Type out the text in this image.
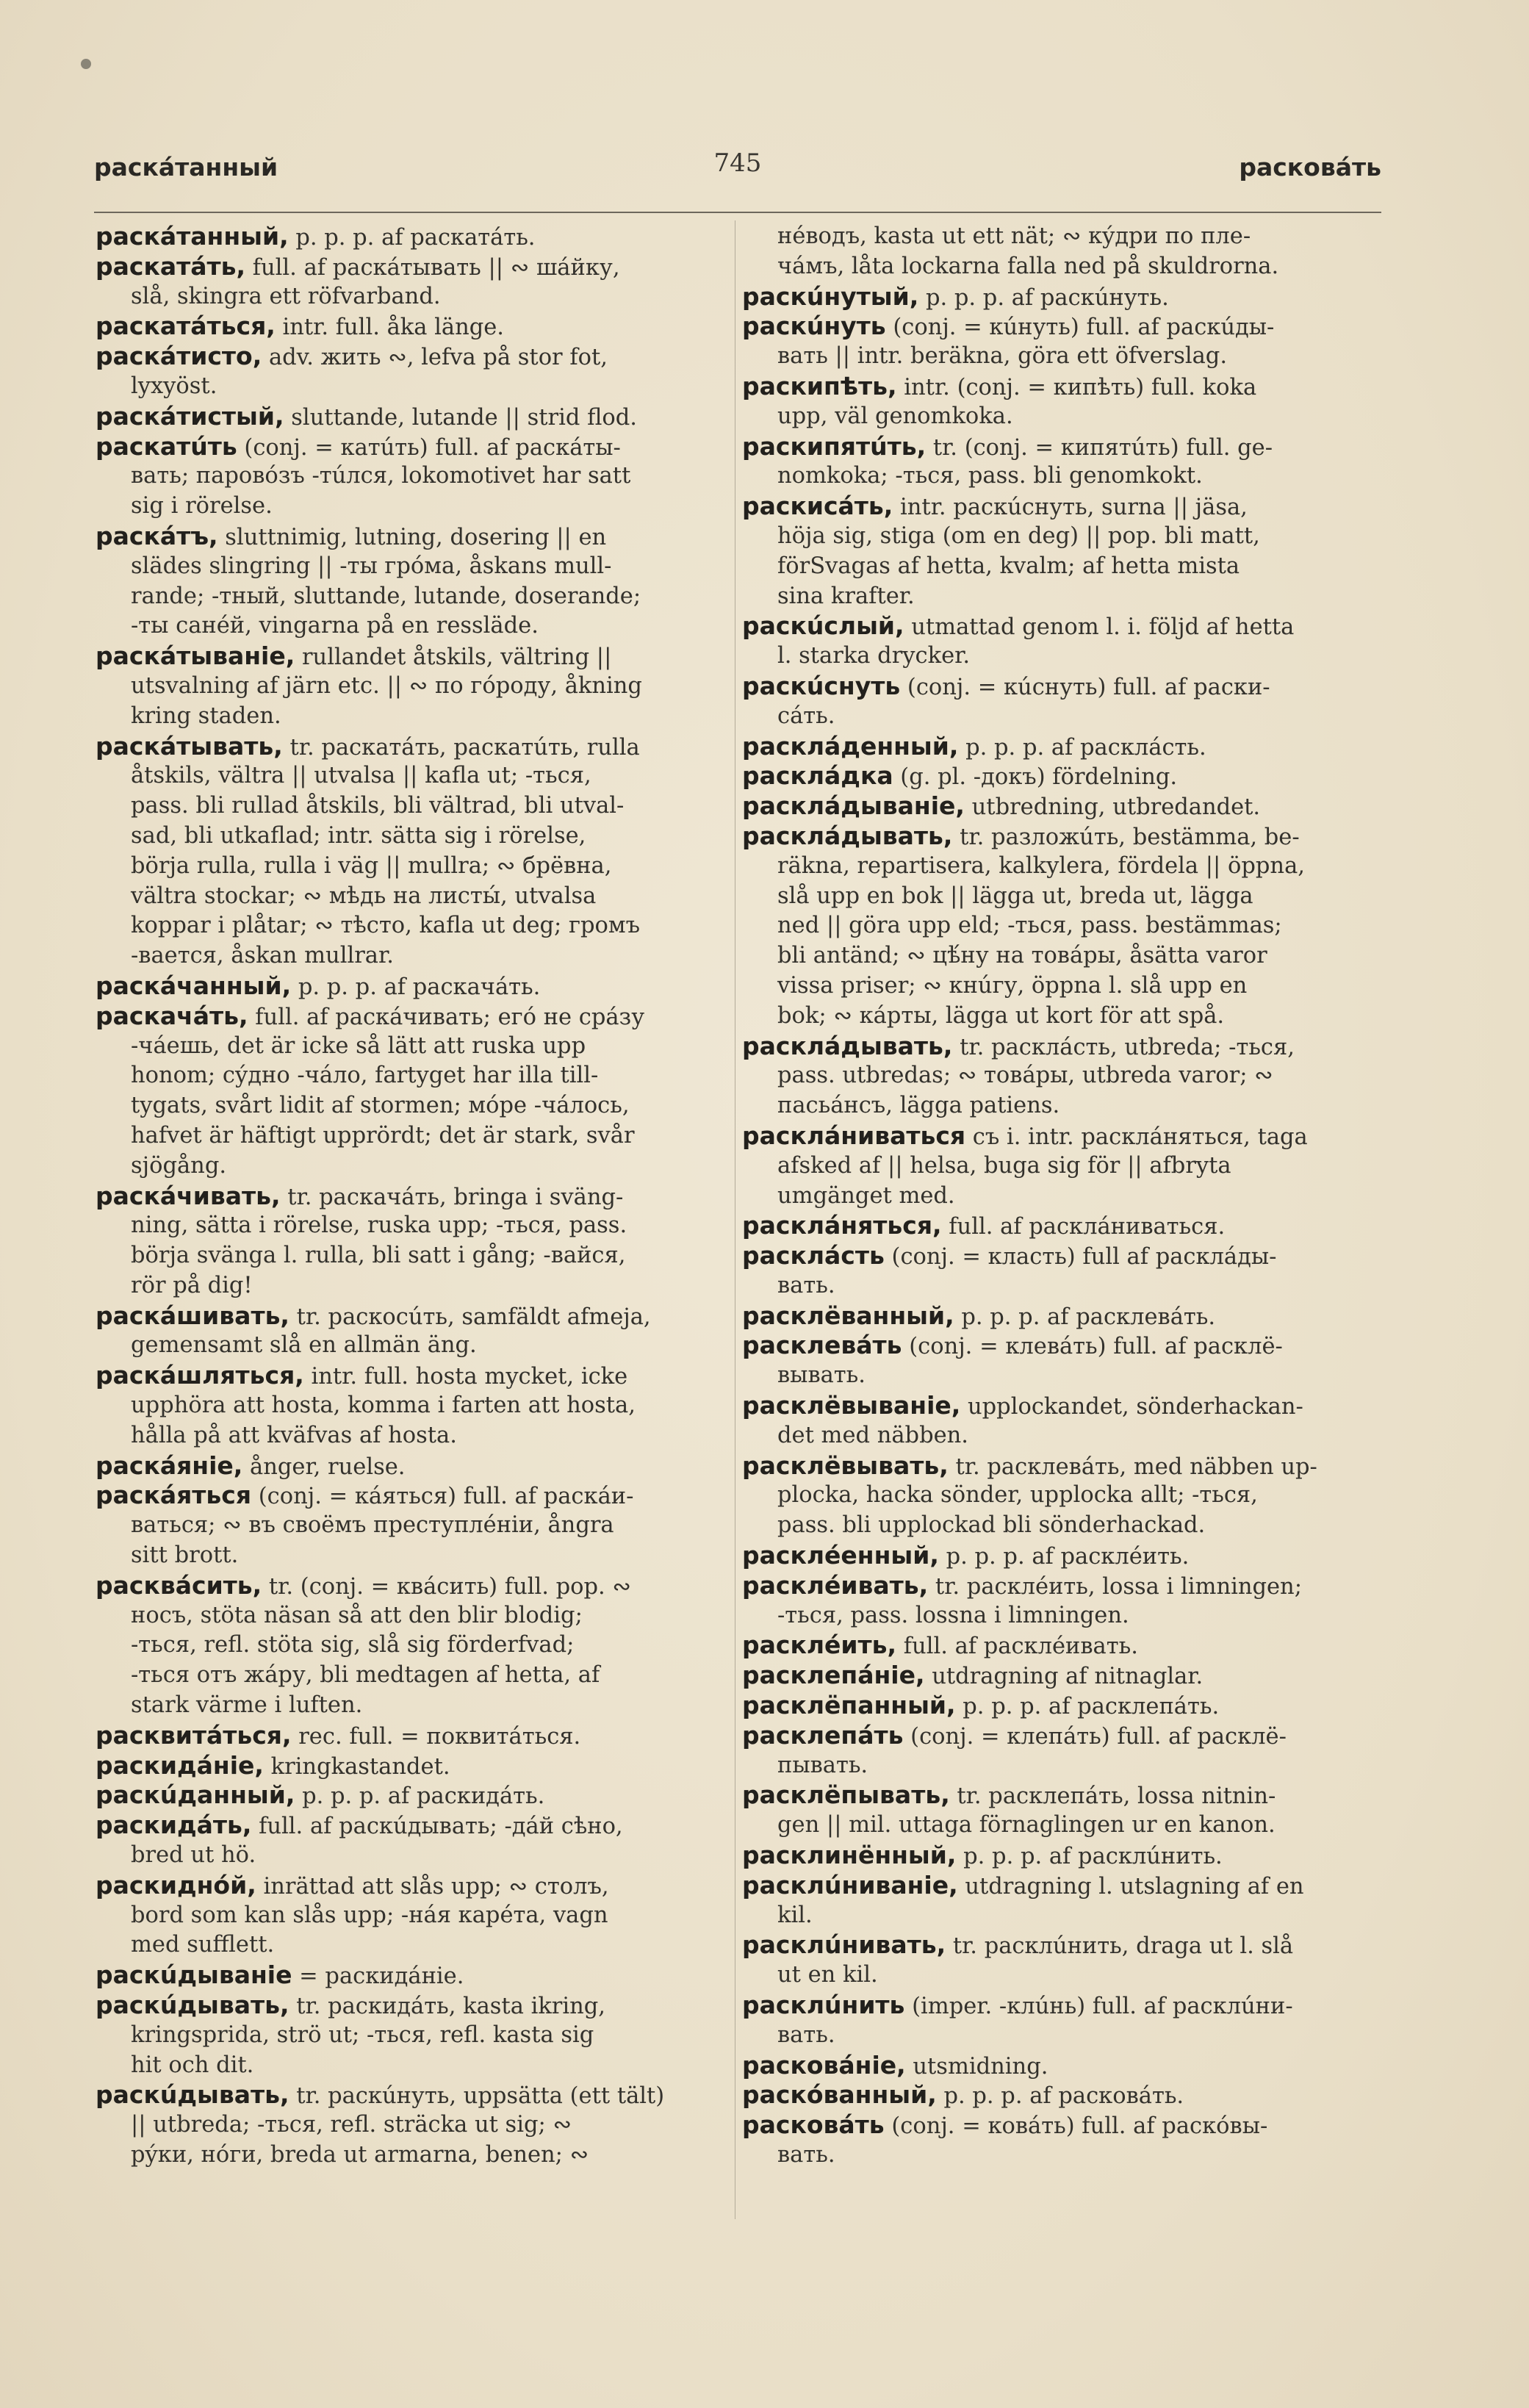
раскáтанный	745	расковáть
раскáтанный, p. p. p. af раскатáть.
раскатáть, full. af раскáтывать || ∾ шáйку,
slå, skingra ett röfvarband.
раскатáться, intr. full. åka länge.
раскáтисто, adv. жить ∾, lefva på stor fot,
lyxyöst.
раскáтистый, sluttande, lutande || strid flod.
раскатúть (conj. = катúть) full. af раскáты-
вать; паровóзъ -тúлся, lokomotivet har satt
sig i rörelse.
раскáтъ, sluttnimig, lutning, dosering || en
slädes slingring || -ты грóма, åskans mull-
rande; -тный, sluttande, lutande, doserande;
-ты санéй, vingarna på en ressläde.
раскáтыванiе, rullandet åtskils, vältring ||
utsvalning af järn etc. || ∾ по гóроду, åkning
kring staden.
раскáтывать, tr. раскатáть, раскатúть, rulla
åtskils, vältra || utvalsa || kafla ut; -ться,
pass. bli rullad åtskils, bli vältrad, bli utval-
sad, bli utkaflad; intr. sätta sig i rörelse,
börja rulla, rulla i väg || mullra; ∾ брёвна,
vältra stockar; ∾ мѣдь на листы́, utvalsa
koppar i plåtar; ∾ тѣсто, kafla ut deg; громъ
-вается, åskan mullrar.
раскáчанный, p. p. p. af раскачáть.
раскачáть, full. af раскáчивать; егó не срáзу
-чáешь, det är icke så lätt att ruska upp
honom; сýдно -чáло, fartyget har illa till-
tygats, svårt lidit af stormen; мóре -чáлось,
hafvet är häftigt upprördt; det är stark, svår
sjögång.
раскáчивать, tr. раскачáть, bringa i sväng-
ning, sätta i rörelse, ruska upp; -ться, pass.
börja svänga l. rulla, bli satt i gång; -вайся,
rör på dig!
раскáшивать, tr. раскосúть, samfäldt afmeja,
gemensamt slå en allmän äng.
раскáшляться, intr. full. hosta mycket, icke
upphöra att hosta, komma i farten att hosta,
hålla på att kväfvas af hosta.
раскáянiе, ånger, ruelse.
раскáяться (conj. = кáяться) full. af раскáи-
ваться; ∾ въ своёмъ преступлéнiи, ångra
sitt brott.
расквáсить, tr. (conj. = квáсить) full. pop. ∾
носъ, stöta näsan så att den blir blodig;
-ться, refl. stöta sig, slå sig förderfvad;
-ться отъ жáру, bli medtagen af hetta, af
stark värme i luften.
расквитáться, rec. full. = поквитáться.
раскидáнiе, kringkastandet.
раскúданный, p. p. p. af раскидáть.
раскидáть, full. af раскúдывать; -дáй сѣно,
bred ut hö.
раскиднóй, inrättad att slås upp; ∾ столъ,
bord som kan slås upp; -нáя карéта, vagn
med sufflett.
раскúдыванiе = раскидáнiе.
раскúдывать, tr. раскидáть, kasta ikring,
kringsprida, strö ut; -ться, refl. kasta sig
hit och dit.
раскúдывать, tr. раскúнуть, uppsätta (ett tält)
|| utbreda; -ться, refl. sträcka ut sig; ∾
рýки, нóги, breda ut armarna, benen; ∾
нéводъ, kasta ut ett nät; ∾ кýдри по пле-
чáмъ, låta lockarna falla ned på skuldrorna.
раскúнутый, p. p. p. af раскúнуть.
раскúнуть (conj. = кúнуть) full. af раскúды-
вать || intr. beräkna, göra ett öfverslag.
раскипѣть, intr. (conj. = кипѣть) full. koka
upp, väl genomkoka.
раскипятúть, tr. (conj. = кипятúть) full. ge-
nomkoka; -ться, pass. bli genomkokt.
раскисáть, intr. раскúснуть, surna || jäsa,
höja sig, stiga (om en deg) || pop. bli matt,
förSvagas af hetta, kvalm; af hetta mista
sina krafter.
раскúслый, utmattad genom l. i. följd af hetta
l. starka drycker.
раскúснуть (conj. = кúснуть) full. af раски-
сáть.
расклáденный, p. p. p. af расклáсть.
расклáдка (g. pl. -докъ) fördelning.
расклáдыванiе, utbredning, utbredandet.
расклáдывать, tr. разложúть, bestämma, be-
räkna, repartisera, kalkylera, fördela || öppna,
slå upp en bok || lägga ut, breda ut, lägga
ned || göra upp eld; -ться, pass. bestämmas;
bli antänd; ∾ цѣ́ну на товáры, åsätta varor
vissa priser; ∾ кнúгу, öppna l. slå upp en
bok; ∾ кáрты, lägga ut kort för att spå.
расклáдывать, tr. расклáсть, utbreda; -ться,
pass. utbredas; ∾ товáры, utbreda varor; ∾
пасьáнсъ, lägga patiens.
расклáниваться съ i. intr. расклáняться, taga
afsked af || helsa, buga sig för || afbryta
umgänget med.
расклáняться, full. af расклáниваться.
расклáсть (conj. = класть) full af расклáды-
вать.
расклёванный, p. p. p. af расклевáть.
расклевáть (conj. = клевáть) full. af расклё-
вывать.
расклёвыванiе, upplockandet, sönderhackan-
det med näbben.
расклёвывать, tr. расклевáть, med näbben up-
plocka, hacka sönder, upplocka allt; -ться,
pass. bli upplockad bli sönderhackad.
расклéенный, p. p. p. af расклéить.
расклéивать, tr. расклéить, lossa i limningen;
-ться, pass. lossna i limningen.
расклéить, full. af расклéивать.
расклепáнiе, utdragning af nitnaglar.
расклёпанный, p. p. p. af расклепáть.
расклепáть (conj. = клепáть) full. af расклё-
пывать.
расклёпывать, tr. расклепáть, lossa nitnin-
gen || mil. uttaga förnaglingen ur en kanon.
расклинённый, p. p. p. af расклúнить.
расклúниванiе, utdragning l. utslagning af en
kil.
расклúнивать, tr. расклúнить, draga ut l. slå
ut en kil.
расклúнить (imper. -клúнь) full. af расклúни-
вать.
расковáнiе, utsmidning.
раскóванный, p. p. p. af расковáть.
расковáть (conj. = ковáть) full. af раскóвы-
вать.
